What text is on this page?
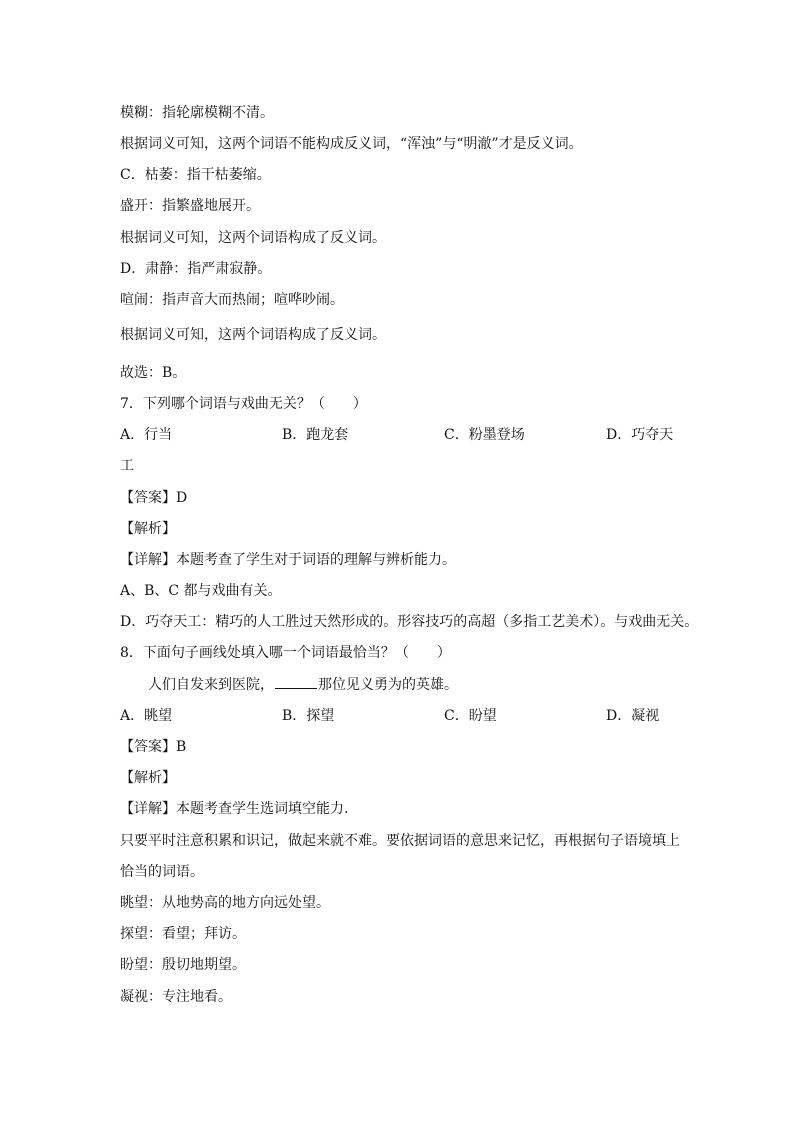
模糊：指轮廓模糊不清。
根据词义可知，这两个词语不能构成反义词，“浑浊”与“明澈”才是反义词。
C．枯萎：指干枯萎缩。
盛开：指繁盛地展开。
根据词义可知，这两个词语构成了反义词。
D．肃静：指严肃寂静。
喧闹：指声音大而热闹；喧哗吵闹。
根据词义可知，这两个词语构成了反义词。
故选：B。
7．下列哪个词语与戏曲无关？（　　）
A．行当	B．跑龙套	C．粉墨登场	D．巧夺天
工
【答案】D
【解析】
【详解】本题考查了学生对于词语的理解与辨析能力。
A、B、C 都与戏曲有关。
D．巧夺天工：精巧的人工胜过天然形成的。形容技巧的高超（多指工艺美术）。与戏曲无关。
8．下面句子画线处填入哪一个词语最恰当？（　　）
人们自发来到医院，	那位见义勇为的英雄。
A．眺望	B．探望	C．盼望	D．凝视
【答案】B
【解析】
【详解】本题考查学生选词填空能力.
只要平时注意积累和识记，做起来就不难。要依据词语的意思来记忆，再根据句子语境填上
恰当的词语。
眺望：从地势高的地方向远处望。
探望：看望；拜访。
盼望：殷切地期望。
凝视：专注地看。
